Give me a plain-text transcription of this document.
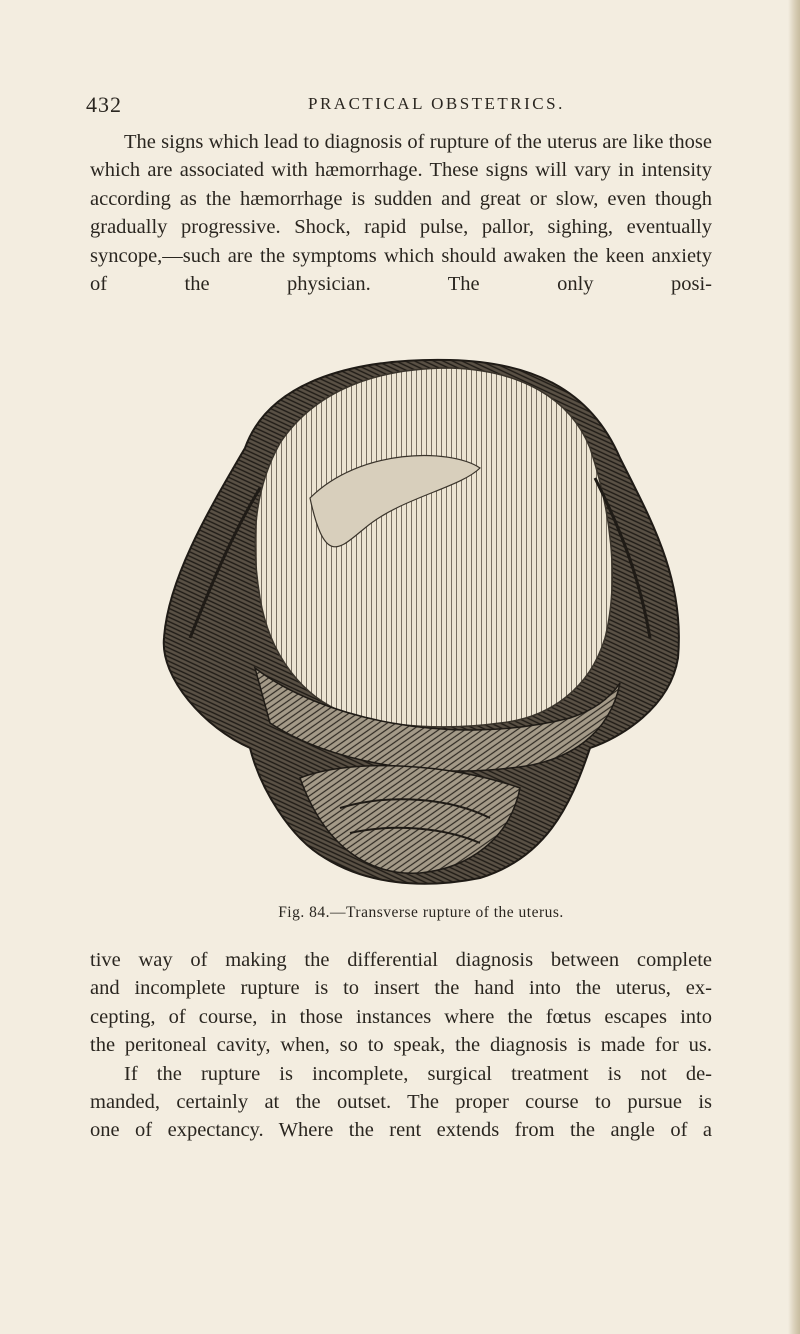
432	PRACTICAL OBSTETRICS.

The signs which lead to diagnosis of rupture of the uterus are like those which are associated with hæmorrhage. These signs will vary in intensity according as the hæmorrhage is sudden and great or slow, even though gradually progressive. Shock, rapid pulse, pallor, sighing, eventually syncope,—such are the symptoms which should awaken the keen anxiety of the physician. The only posi-

Fig. 84.—Transverse rupture of the uterus.
tive way of making the differential diagnosis between complete
and incomplete rupture is to insert the hand into the uterus, ex-
cepting, of course, in those instances where the fœtus escapes into
the peritoneal cavity, when, so to speak, the diagnosis is made for us.
If the rupture is incomplete, surgical treatment is not de-
manded, certainly at the outset. The proper course to pursue is
one of expectancy. Where the rent extends from the angle of a
